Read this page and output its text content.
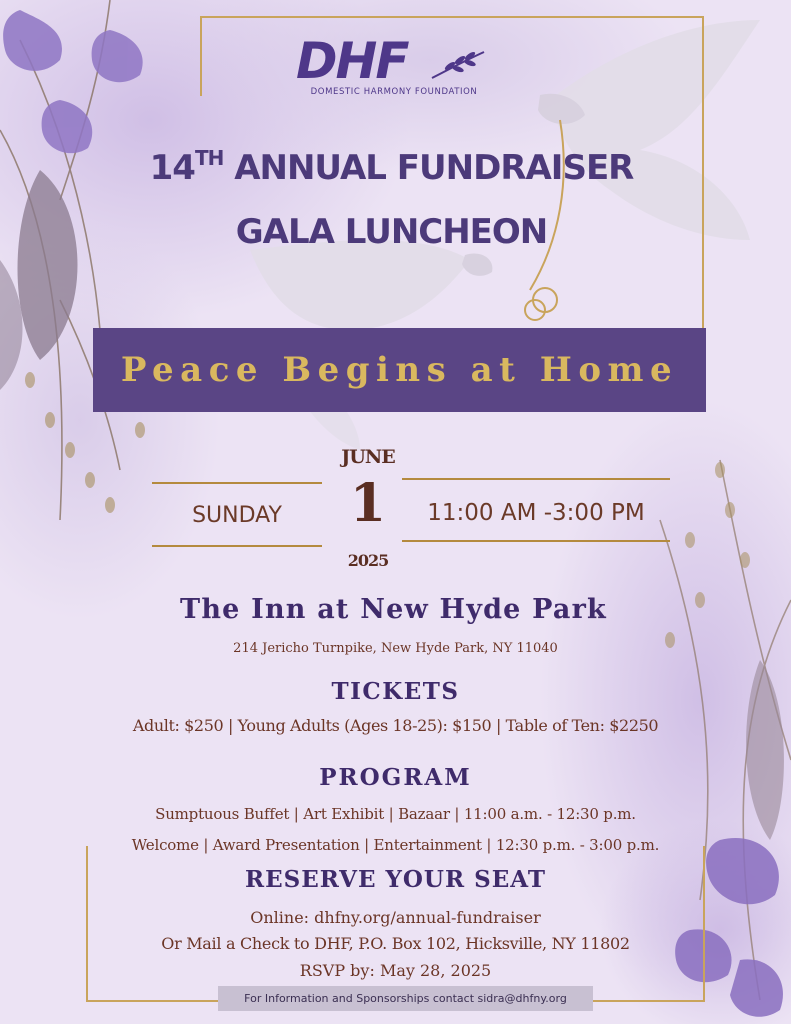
DHF
DOMESTIC HARMONY FOUNDATION
14TH ANNUAL FUNDRAISER
GALA LUNCHEON
Peace Begins at Home
JUNE
1
2025
SUNDAY	11:00 AM -3:00 PM
The Inn at New Hyde Park
214 Jericho Turnpike, New Hyde Park, NY 11040
TICKETS
Adult: $250 | Young Adults (Ages 18-25): $150 | Table of Ten: $2250
PROGRAM
Sumptuous Buffet | Art Exhibit | Bazaar | 11:00 a.m. - 12:30 p.m.
Welcome | Award Presentation | Entertainment | 12:30 p.m. - 3:00 p.m.
RESERVE YOUR SEAT
Online: dhfny.org/annual-fundraiser
Or Mail a Check to DHF, P.O. Box 102, Hicksville, NY 11802
RSVP by: May 28, 2025
For Information and Sponsorships contact sidra@dhfny.org
